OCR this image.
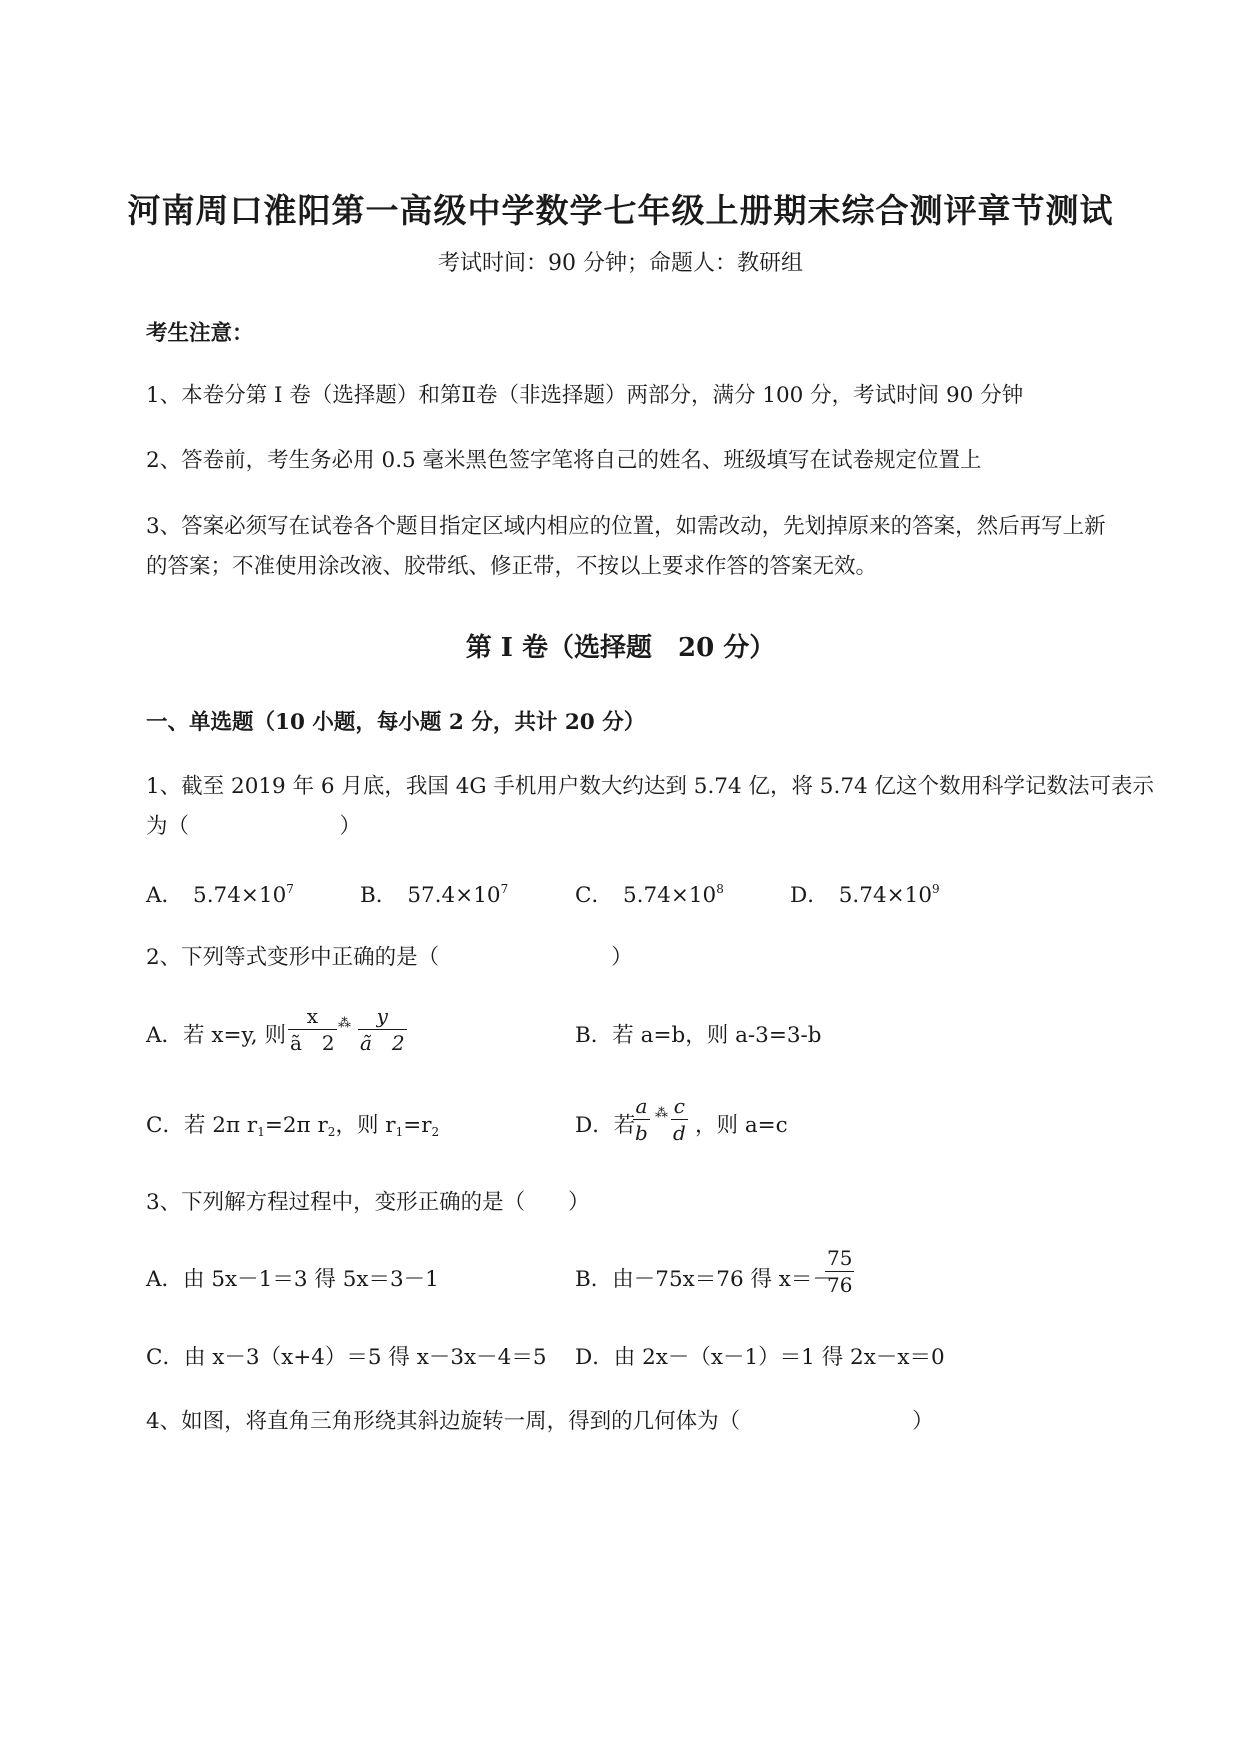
河南周口淮阳第一高级中学数学七年级上册期末综合测评章节测试
考试时间：90 分钟；命题人：教研组
考生注意：
1、本卷分第 I 卷（选择题）和第Ⅱ卷（非选择题）两部分，满分 100 分，考试时间 90 分钟
2、答卷前，考生务必用 0.5 毫米黑色签字笔将自己的姓名、班级填写在试卷规定位置上
3、答案必须写在试卷各个题目指定区域内相应的位置，如需改动，先划掉原来的答案，然后再写上新
的答案；不准使用涂改液、胶带纸、修正带，不按以上要求作答的答案无效。
第 I 卷（选择题　20 分）
一、单选题（10 小题，每小题 2 分，共计 20 分）
1、截至 2019 年 6 月底，我国 4G 手机用户数大约达到 5.74 亿，将 5.74 亿这个数用科学记数法可表示
为（　　　　　　　）
A． $5.74\times 10^7$	B． $57.4\times 10^7$	C． $5.74\times 10^8$	D． $5.74\times 10^9$
2、下列等式变形中正确的是（　　　　　　　　）
A．若 x=y, 则 $\frac{x}{ã 2}$ ⁂ $\frac{y}{ã 2}$	B．若 a=b，则 a-3=3-b
C．若 2π $r_1=2\pi$ $r_2$，则 $r_1=r_2$	D．若
$\frac{a}{b}$ ⁂ $\frac{c}{d}$ ，则 a=c
3、下列解方程过程中，变形正确的是（　　）
A．由 5x－1＝3 得 5x＝3－1	B．由－75x＝76 得 x＝－
$\frac{75}{76}$
C．由 x－3（x+4）＝5 得 x－3x－4＝5 D．由 2x－（x－1）＝1 得 2x－x＝0
4、如图，将直角三角形绕其斜边旋转一周，得到的几何体为（　　　　　　　　）
